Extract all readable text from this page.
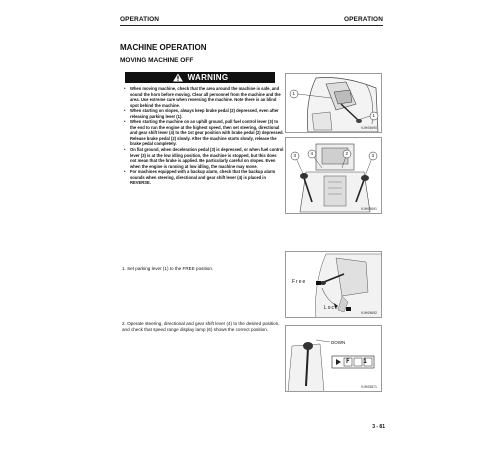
OPERATION	OPERATION
MACHINE OPERATION
MOVING MACHINE OFF
WARNING
• When moving machine, check that the area around the machine is safe, and sound the horn before moving. Clear all personnel from the machine and the area. Use extreme care when reversing the machine. Note there is an blind spot behind the machine.
• When starting on slopes, always keep brake pedal (2) depressed, even after releasing parking lever (1).
• When starting the machine on an uphill ground, pull fuel control lever (3) to the end to run the engine at the highest speed, then set steering, directional and gear shift lever (4) to the 1st gear position with brake pedal (2) depressed. Release brake pedal (2) slowly. After the machine starts slowly, release the brake pedal completely.
• On flat ground, when deceleration pedal (3) is depressed, or when fuel control lever (3) is at the low idling position, the machine is stopped, but this does not mean that the brake is applied. Be particularly careful on slopes. Even when the engine is running at low idling, the machine may move.
• For machines equipped with a backup alarm, check that the backup alarm sounds when steering, directional and gear shift lever (4) is placed in REVERSE.
1
1
9JH05690
3	4	2	3
9JH05691
Free
Lock
9JH05692
DOWN
F 1
9JH05871

1. Set parking lever (1) to the FREE position.

2. Operate steering, directional and gear shift lever (4) to the desired position, and check that speed range display lamp (6) shows the correct position.

3 - 81
